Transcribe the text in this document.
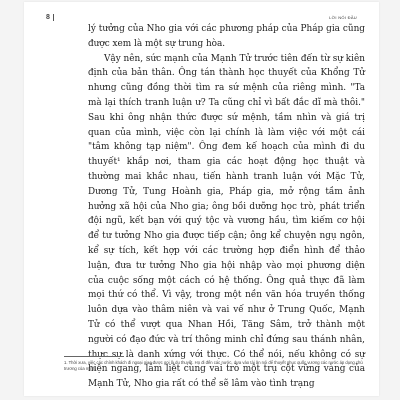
8	LỜI NÓI ĐẦU

lý tưởng của Nho gia với các phương pháp của Pháp gia cũng được xem là một sự trung hòa.

Vậy nên, sức mạnh của Mạnh Tử trước tiên đến từ sự kiên định của bản thân. Ông tán thành học thuyết của Khổng Tử nhưng cũng đồng thời tìm ra sứ mệnh của riêng mình. "Ta mà lại thích tranh luận ư? Ta cũng chỉ vì bất đắc dĩ mà thôi." Sau khi ông nhận thức được sứ mệnh, tầm nhìn và giá trị quan của mình, việc còn lại chính là làm việc với một cái "tâm không tạp niệm". Ông đem kế hoạch của mình đi du thuyết¹ khắp nơi, tham gia các hoạt động học thuật và thường mai khắc nhau, tiến hành tranh luận với Mặc Tử, Dương Tử, Tung Hoành gia, Pháp gia, mở rộng tầm ảnh hưởng xã hội của Nho gia; ông bồi dưỡng học trò, phát triển đội ngũ, kết bạn với quý tộc và vương hầu, tìm kiếm cơ hội để tư tưởng Nho gia được tiếp cận; ông kể chuyện ngụ ngôn, kể sự tích, kết hợp với các trường hợp điển hình để thảo luận, đưa tư tưởng Nho gia hội nhập vào mọi phương diện của cuộc sống một cách có hệ thống. Ông quả thực đã làm mọi thứ có thể. Vì vậy, trong một nền văn hóa truyền thống luôn dựa vào thâm niên và vai vế như ở Trung Quốc, Mạnh Tử có thể vượt qua Nhan Hồi, Tăng Sâm, trở thành một người có đạo đức và trí thông minh chỉ đứng sau thánh nhân, thực sự là danh xứng với thực. Có thể nói, nếu không có sự hiện ngang, lẫm liệt cùng vai trò một trụ cột vững vàng của Mạnh Tử, Nho gia rất có thể sẽ lâm vào tình trạng

1. Thời xưa, việc các chính khách đi ngoại giao được gọi là du thuyết. Họ đi đến các nước, dựa vào tài ăn nói để thuyết phục quốc vương các nước áp dụng chủ trương của mình.
